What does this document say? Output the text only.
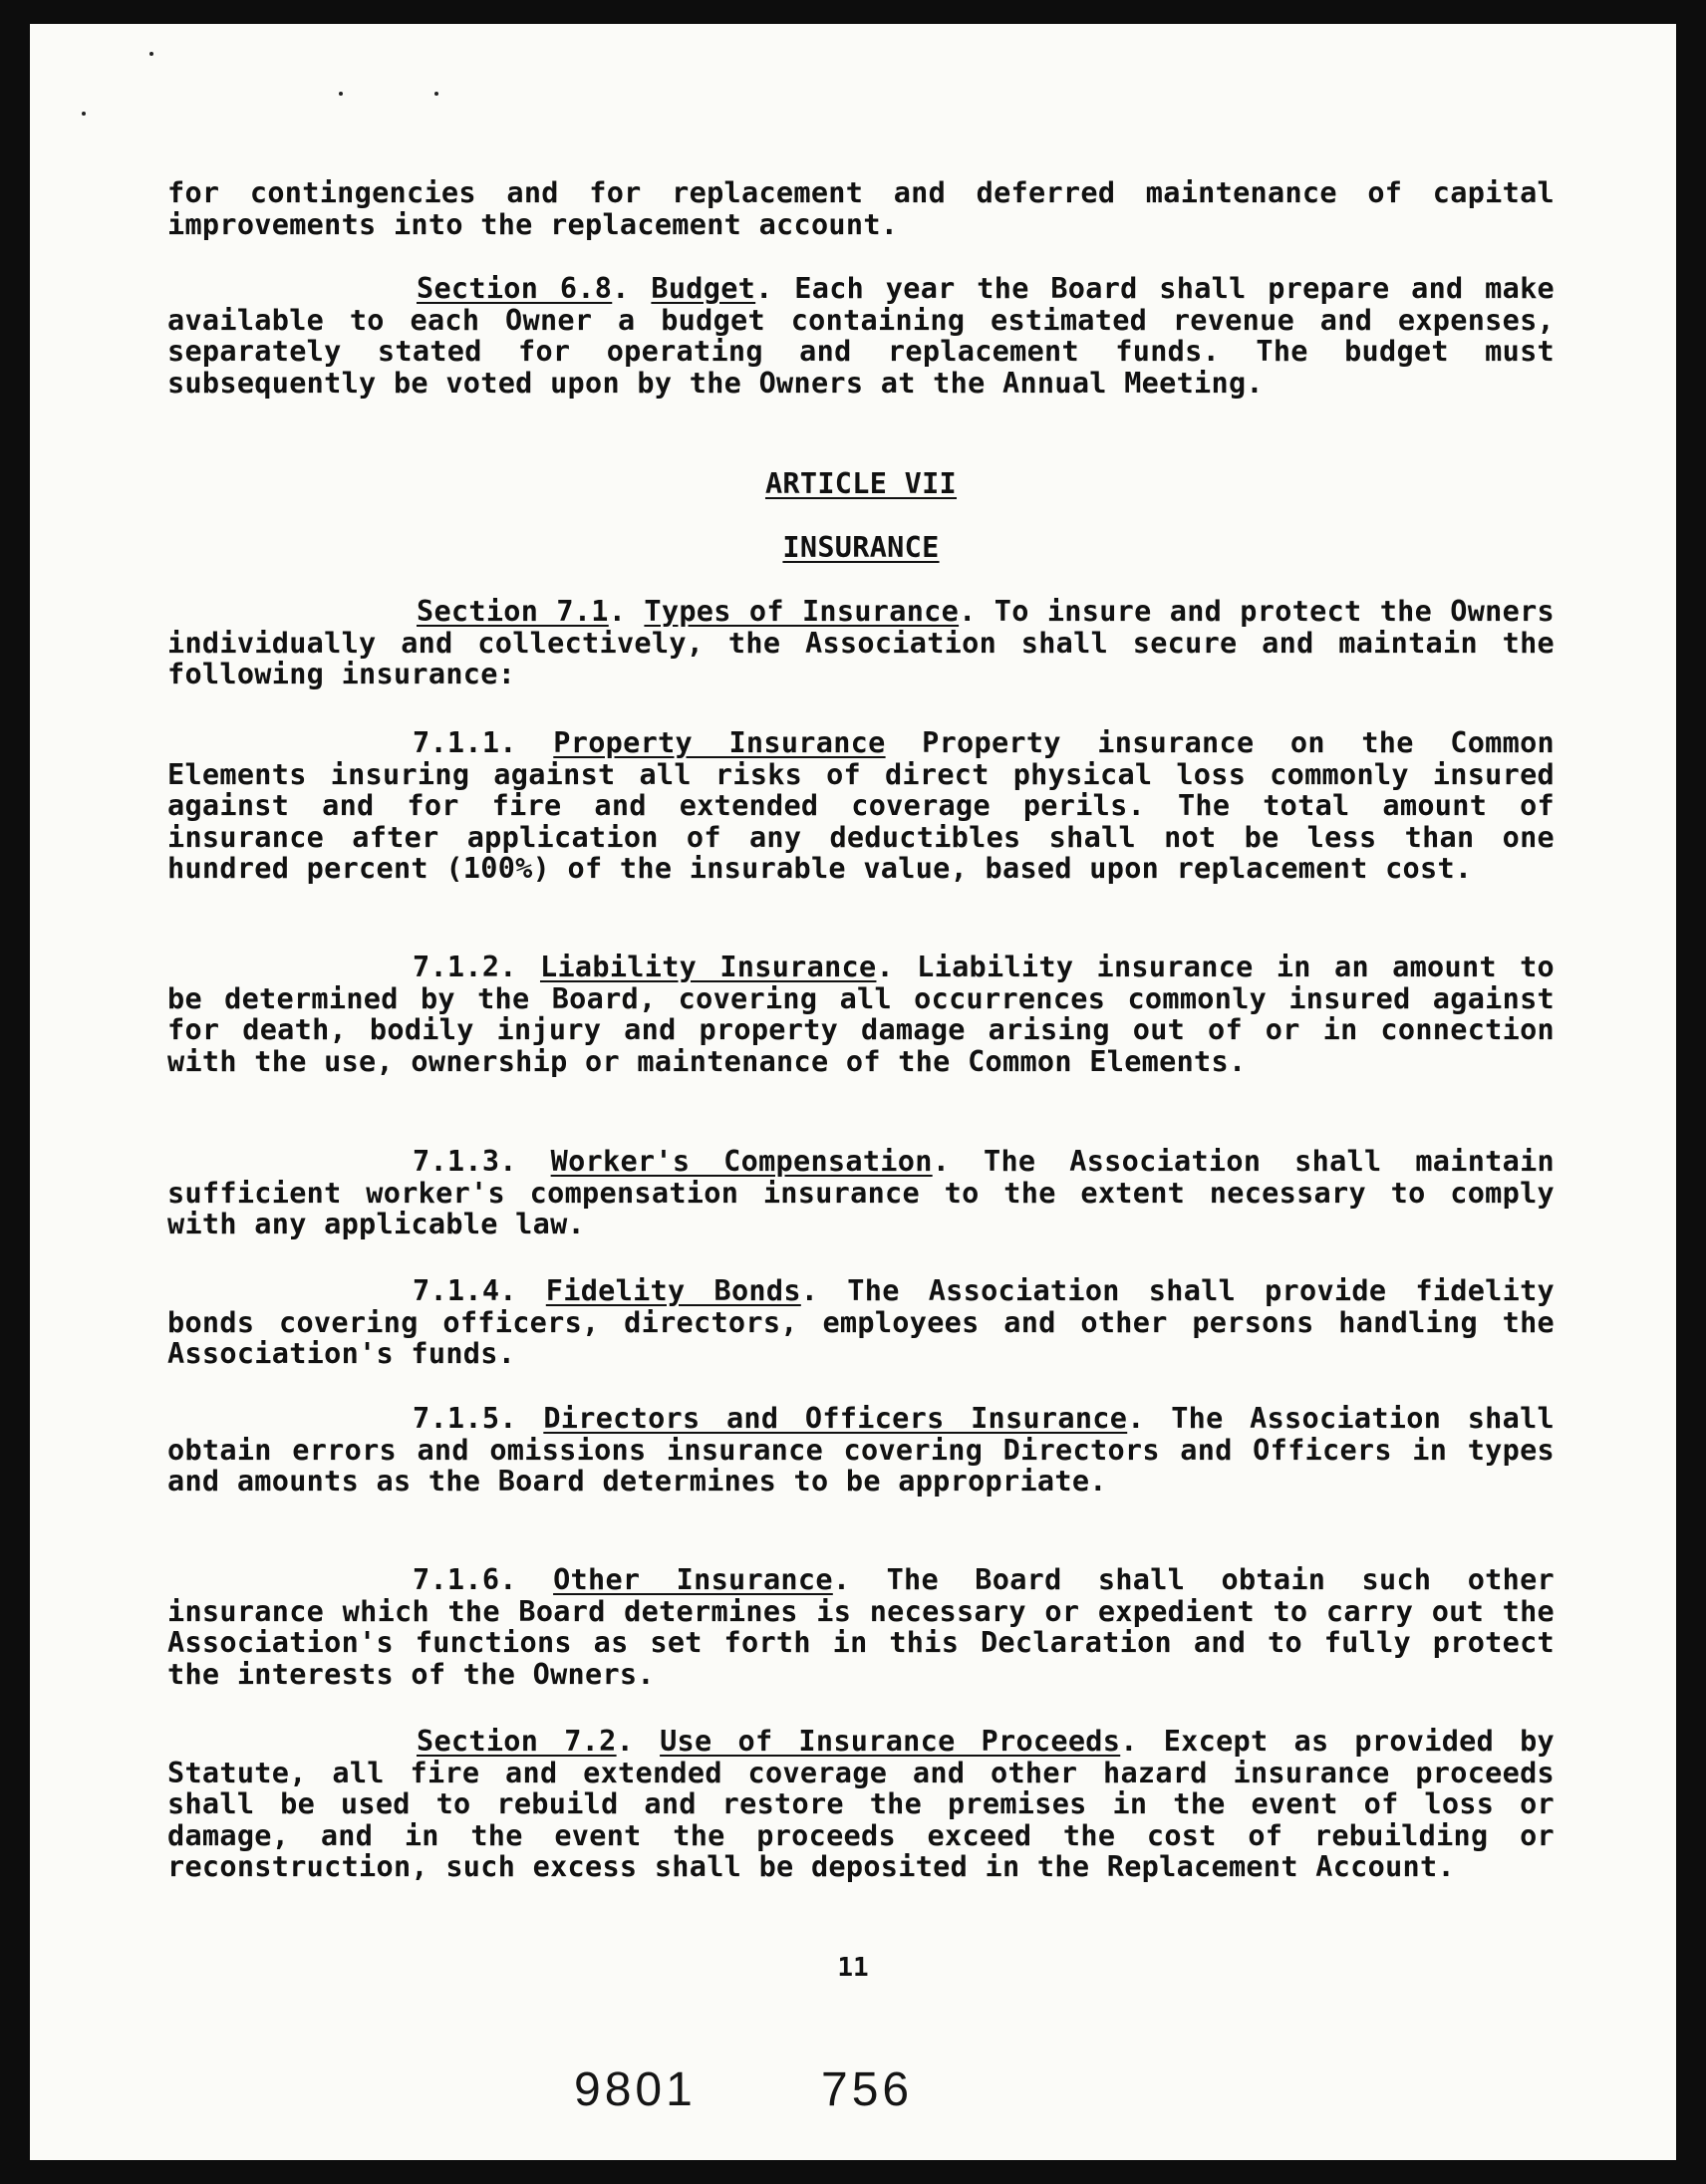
for contingencies and for replacement and deferred maintenance of capital improvements into the replacement account.

Section 6.8. Budget. Each year the Board shall prepare and make available to each Owner a budget containing estimated revenue and expenses, separately stated for operating and replacement funds. The budget must subsequently be voted upon by the Owners at the Annual Meeting.

ARTICLE VII
INSURANCE

Section 7.1. Types of Insurance. To insure and protect the Owners individually and collectively, the Association shall secure and maintain the following insurance:

7.1.1. Property Insurance Property insurance on the Common Elements insuring against all risks of direct physical loss commonly insured against and for fire and extended coverage perils. The total amount of insurance after application of any deductibles shall not be less than one hundred percent (100%) of the insurable value, based upon replacement cost.

7.1.2. Liability Insurance. Liability insurance in an amount to be determined by the Board, covering all occurrences commonly insured against for death, bodily injury and property damage arising out of or in connection with the use, ownership or maintenance of the Common Elements.

7.1.3. Worker's Compensation. The Association shall maintain sufficient worker's compensation insurance to the extent necessary to comply with any applicable law.

7.1.4. Fidelity Bonds. The Association shall provide fidelity bonds covering officers, directors, employees and other persons handling the Association's funds.

7.1.5. Directors and Officers Insurance. The Association shall obtain errors and omissions insurance covering Directors and Officers in types and amounts as the Board determines to be appropriate.

7.1.6. Other Insurance. The Board shall obtain such other insurance which the Board determines is necessary or expedient to carry out the Association's functions as set forth in this Declaration and to fully protect the interests of the Owners.

Section 7.2. Use of Insurance Proceeds. Except as provided by Statute, all fire and extended coverage and other hazard insurance proceeds shall be used to rebuild and restore the premises in the event of loss or damage, and in the event the proceeds exceed the cost of rebuilding or reconstruction, such excess shall be deposited in the Replacement Account.

11
9801	756
